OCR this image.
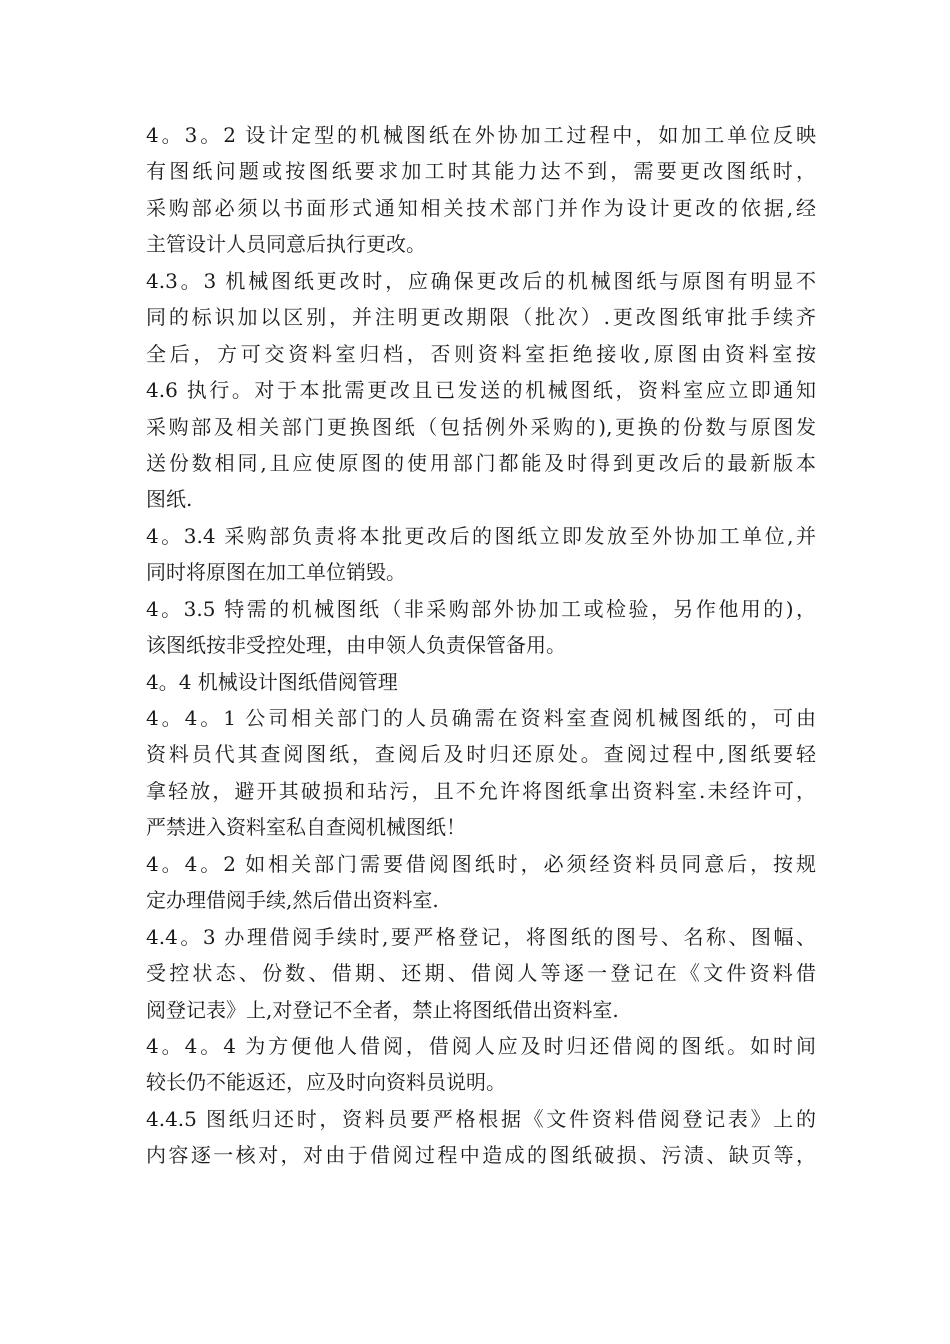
4。3。2 设计定型的机械图纸在外协加工过程中，如加工单位反映
有图纸问题或按图纸要求加工时其能力达不到，需要更改图纸时，
采购部必须以书面形式通知相关技术部门并作为设计更改的依据,经
主管设计人员同意后执行更改。
4.3。3 机械图纸更改时，应确保更改后的机械图纸与原图有明显不
同的标识加以区别，并注明更改期限（批次）.更改图纸审批手续齐
全后，方可交资料室归档，否则资料室拒绝接收,原图由资料室按
4.6 执行。对于本批需更改且已发送的机械图纸，资料室应立即通知
采购部及相关部门更换图纸（包括例外采购的),更换的份数与原图发
送份数相同,且应使原图的使用部门都能及时得到更改后的最新版本
图纸.
4。3.4 采购部负责将本批更改后的图纸立即发放至外协加工单位,并
同时将原图在加工单位销毁。
4。3.5 特需的机械图纸（非采购部外协加工或检验，另作他用的)，
该图纸按非受控处理，由申领人负责保管备用。
4。4 机械设计图纸借阅管理
4。4。1 公司相关部门的人员确需在资料室查阅机械图纸的，可由
资料员代其查阅图纸，查阅后及时归还原处。查阅过程中,图纸要轻
拿轻放，避开其破损和玷污，且不允许将图纸拿出资料室.未经许可，
严禁进入资料室私自查阅机械图纸！
4。4。2 如相关部门需要借阅图纸时，必须经资料员同意后，按规
定办理借阅手续,然后借出资料室.
4.4。3 办理借阅手续时,要严格登记，将图纸的图号、名称、图幅、
受控状态、份数、借期、还期、借阅人等逐一登记在《文件资料借
阅登记表》上,对登记不全者，禁止将图纸借出资料室.
4。4。4 为方便他人借阅，借阅人应及时归还借阅的图纸。如时间
较长仍不能返还，应及时向资料员说明。
4.4.5 图纸归还时，资料员要严格根据《文件资料借阅登记表》上的
内容逐一核对，对由于借阅过程中造成的图纸破损、污渍、缺页等，
